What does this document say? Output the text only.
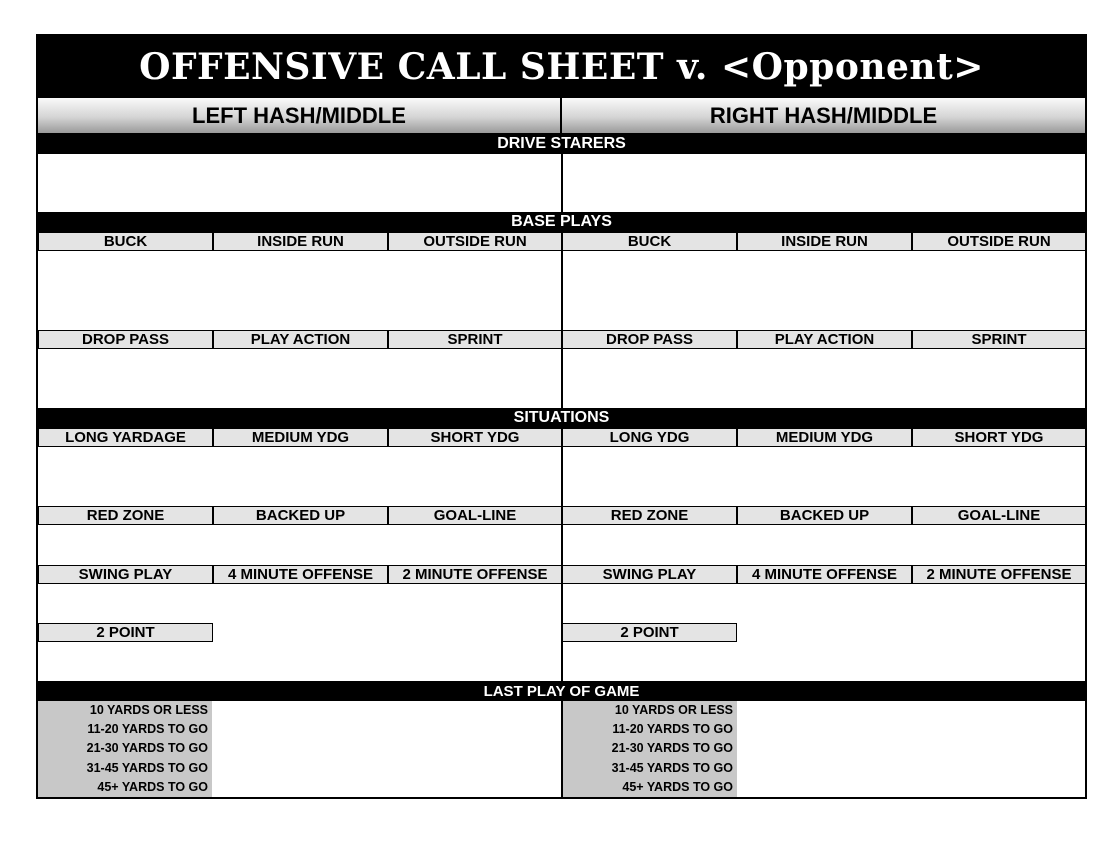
OFFENSIVE CALL SHEET v. <Opponent>
LEFT HASH/MIDDLE	RIGHT HASH/MIDDLE
DRIVE STARERS
BASE PLAYS
SITUATIONS
BUCK	INSIDE RUN	OUTSIDE RUN	BUCK	INSIDE RUN	OUTSIDE RUN
DROP PASS	PLAY ACTION	SPRINT	DROP PASS	PLAY ACTION	SPRINT
LONG YARDAGE	MEDIUM YDG	SHORT YDG	LONG YDG	MEDIUM YDG	SHORT YDG
RED ZONE	BACKED UP	GOAL-LINE	RED ZONE	BACKED UP	GOAL-LINE
SWING PLAY	4 MINUTE OFFENSE	2 MINUTE OFFENSE	SWING PLAY	4 MINUTE OFFENSE	2 MINUTE OFFENSE
2 POINT	2 POINT
LAST PLAY OF GAME
10 YARDS OR LESS
11-20 YARDS TO GO
21-30 YARDS TO GO
31-45 YARDS TO GO
45+ YARDS TO GO
10 YARDS OR LESS
11-20 YARDS TO GO
21-30 YARDS TO GO
31-45 YARDS TO GO
45+ YARDS TO GO
